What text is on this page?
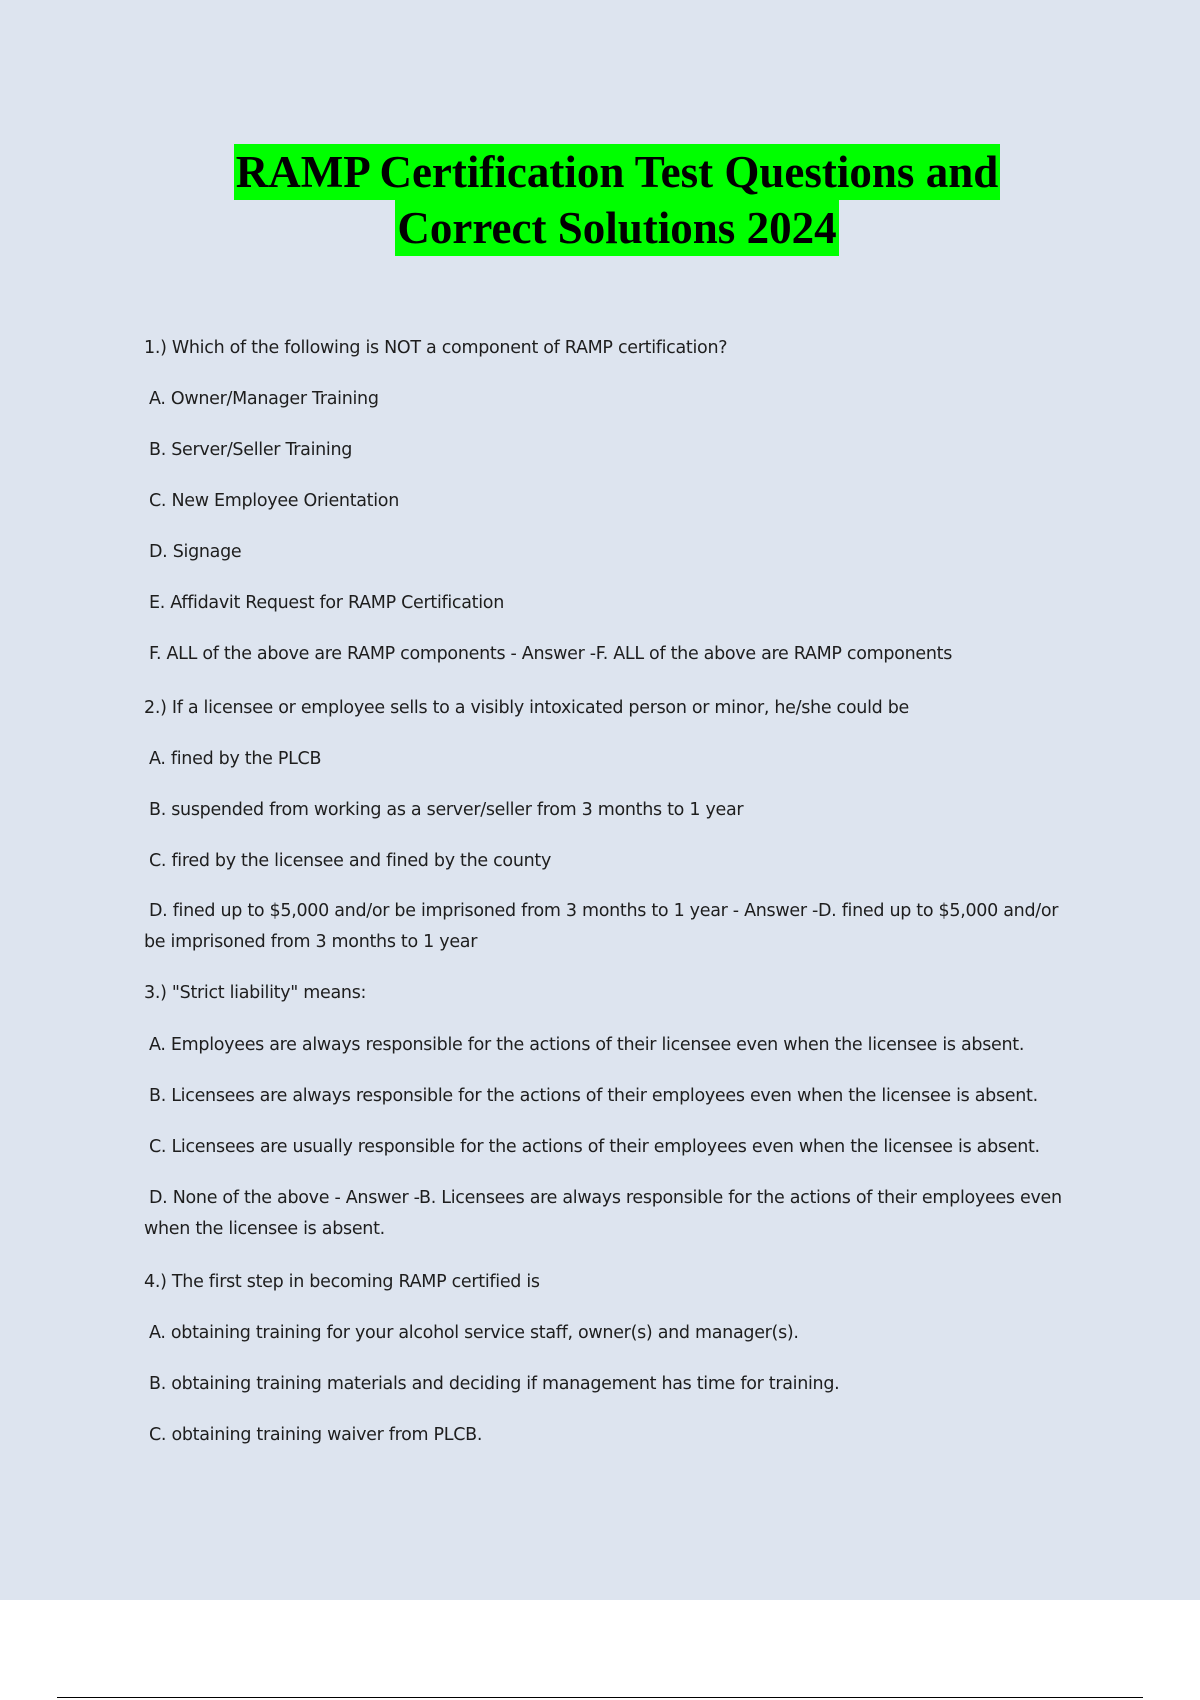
RAMP Certification Test Questions and
Correct Solutions 2024
1.) Which of the following is NOT a component of RAMP certification?
A. Owner/Manager Training
B. Server/Seller Training
C. New Employee Orientation
D. Signage
E. Affidavit Request for RAMP Certification
F. ALL of the above are RAMP components - Answer -F. ALL of the above are RAMP components
2.) If a licensee or employee sells to a visibly intoxicated person or minor, he/she could be
A. fined by the PLCB
B. suspended from working as a server/seller from 3 months to 1 year
C. fired by the licensee and fined by the county
D. fined up to $5,000 and/or be imprisoned from 3 months to 1 year - Answer -D. fined up to $5,000 and/or be imprisoned from 3 months to 1 year
3.) "Strict liability" means:
A. Employees are always responsible for the actions of their licensee even when the licensee is absent.
B. Licensees are always responsible for the actions of their employees even when the licensee is absent.
C. Licensees are usually responsible for the actions of their employees even when the licensee is absent.
D. None of the above - Answer -B. Licensees are always responsible for the actions of their employees even when the licensee is absent.
4.) The first step in becoming RAMP certified is
A. obtaining training for your alcohol service staff, owner(s) and manager(s).
B. obtaining training materials and deciding if management has time for training.
C. obtaining training waiver from PLCB.
